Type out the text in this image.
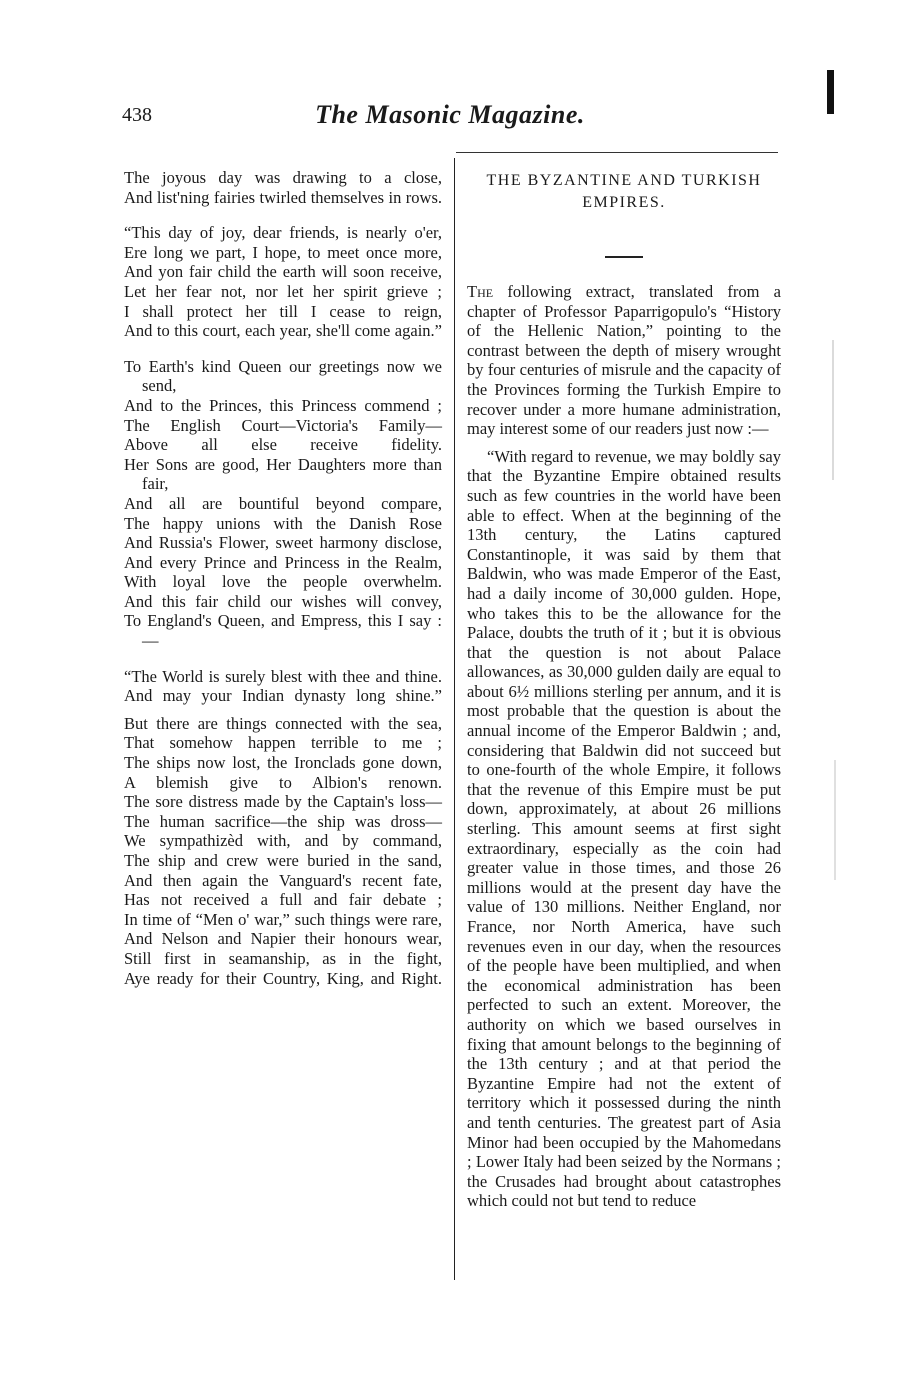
438	The Masonic Magazine.
The joyous day was drawing to a close,
And list'ning fairies twirled themselves in rows.
“This day of joy, dear friends, is nearly o'er,
Ere long we part, I hope, to meet once more,
And yon fair child the earth will soon receive,
Let her fear not, nor let her spirit grieve ;
I shall protect her till I cease to reign,
And to this court, each year, she'll come again.”
To Earth's kind Queen our greetings now we send,
And to the Princes, this Princess commend ;
The English Court—Victoria's Family—
Above all else receive fidelity.
Her Sons are good, Her Daughters more than fair,
And all are bountiful beyond compare,
The happy unions with the Danish Rose
And Russia's Flower, sweet harmony disclose,
And every Prince and Princess in the Realm,
With loyal love the people overwhelm.
And this fair child our wishes will convey,
To England's Queen, and Empress, this I say :—
“The World is surely blest with thee and thine.
And may your Indian dynasty long shine.”
But there are things connected with the sea,
That somehow happen terrible to me ;
The ships now lost, the Ironclads gone down,
A blemish give to Albion's renown.
The sore distress made by the Captain's loss—
The human sacrifice—the ship was dross—
We sympathizèd with, and by command,
The ship and crew were buried in the sand,
And then again the Vanguard's recent fate,
Has not received a full and fair debate ;
In time of “Men o' war,” such things were rare,
And Nelson and Napier their honours wear,
Still first in seamanship, as in the fight,
Aye ready for their Country, King, and Right.
THE BYZANTINE AND TURKISH
EMPIRES.

The following extract, translated from a chapter of Professor Paparrigopulo's “History of the Hellenic Nation,” pointing to the contrast between the depth of misery wrought by four centuries of misrule and the capacity of the Provinces forming the Turkish Empire to recover under a more humane administration, may interest some of our readers just now :—

“With regard to revenue, we may boldly say that the Byzantine Empire obtained results such as few countries in the world have been able to effect. When at the beginning of the 13th century, the Latins captured Constantinople, it was said by them that Baldwin, who was made Emperor of the East, had a daily income of 30,000 gulden. Hope, who takes this to be the allowance for the Palace, doubts the truth of it ; but it is obvious that the question is not about Palace allowances, as 30,000 gulden daily are equal to about 6½ millions sterling per annum, and it is most probable that the question is about the annual income of the Emperor Baldwin ; and, considering that Baldwin did not succeed but to one-fourth of the whole Empire, it follows that the revenue of this Empire must be put down, approximately, at about 26 millions sterling. This amount seems at first sight extraordinary, especially as the coin had greater value in those times, and those 26 millions would at the present day have the value of 130 millions. Neither England, nor France, nor North America, have such revenues even in our day, when the resources of the people have been multiplied, and when the economical administration has been perfected to such an extent. Moreover, the authority on which we based ourselves in fixing that amount belongs to the beginning of the 13th century ; and at that period the Byzantine Empire had not the extent of territory which it possessed during the ninth and tenth centuries. The greatest part of Asia Minor had been occupied by the Mahomedans ; Lower Italy had been seized by the Normans ; the Crusades had brought about catastrophes which could not but tend to reduce
